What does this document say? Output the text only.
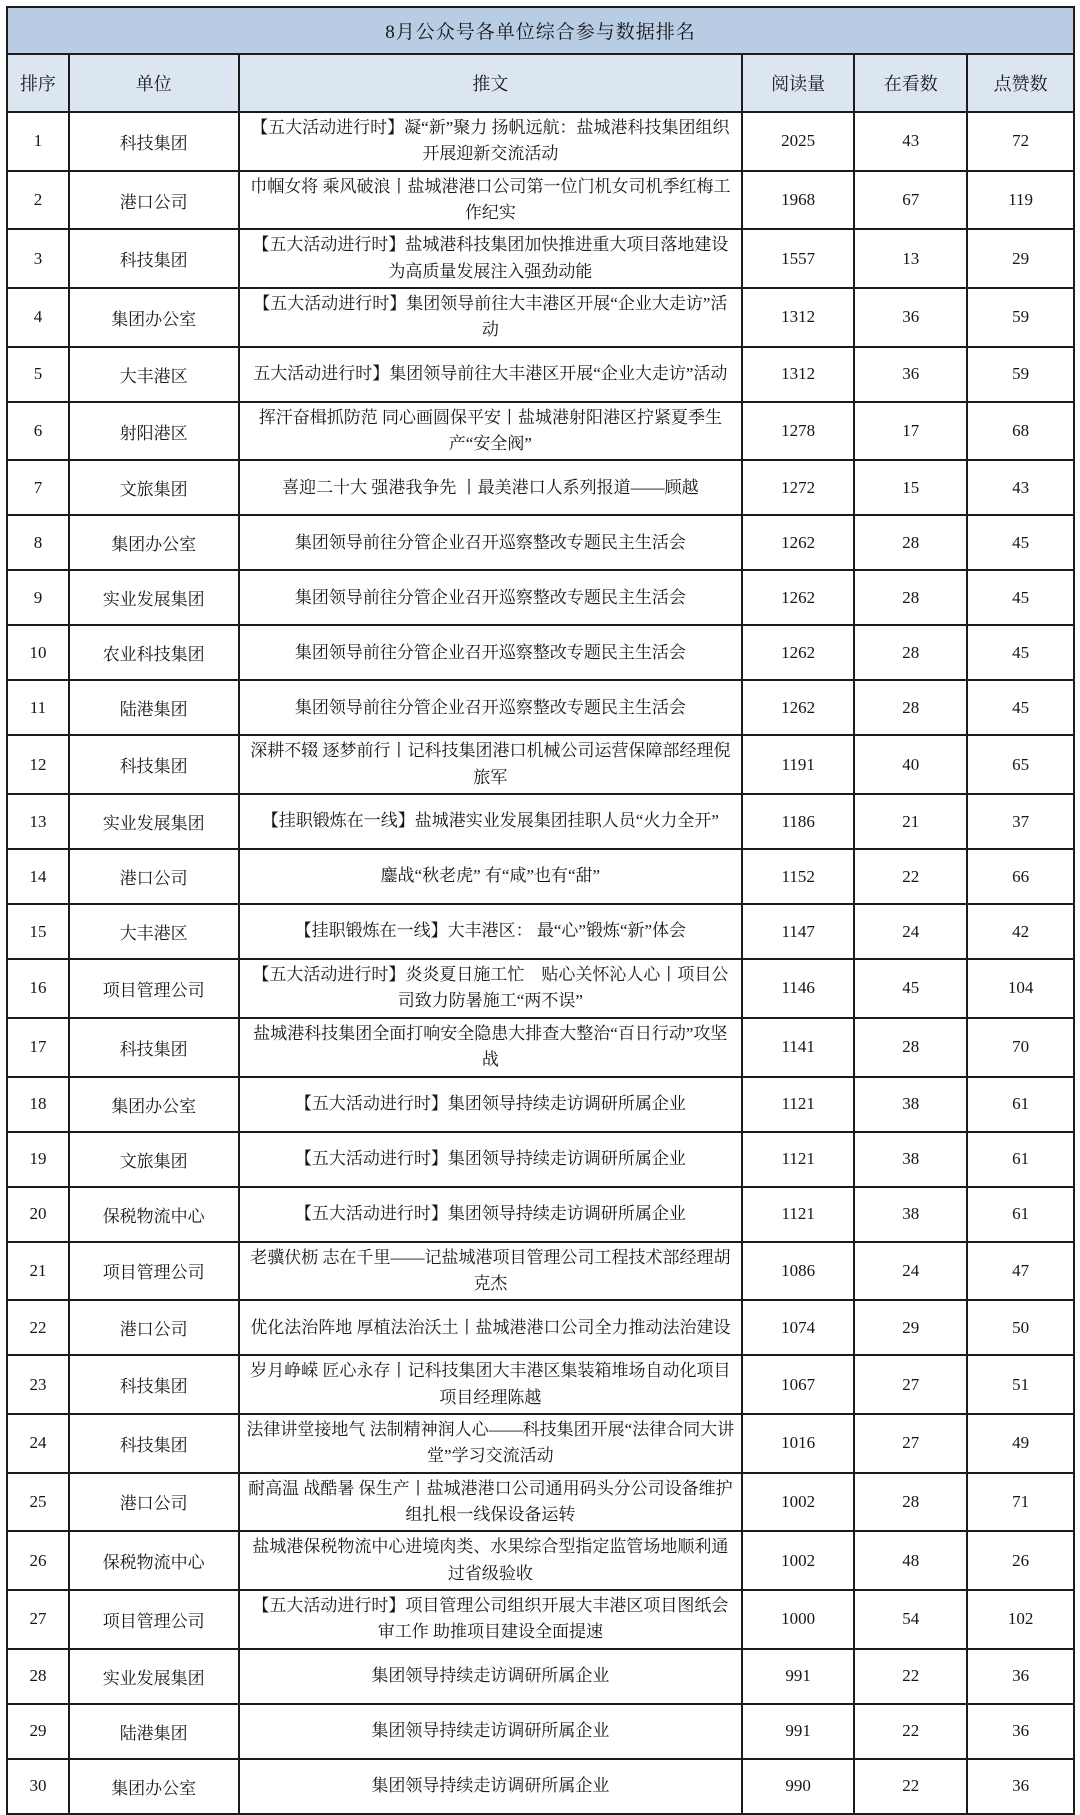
8月公众号各单位综合参与数据排名					
排序	单位	推文	阅读量	在看数	点赞数
1	科技集团	【五大活动进行时】凝“新”聚力 扬帆远航：盐城港科技集团组织开展迎新交流活动	2025	43	72
2	港口公司	巾帼女将 乘风破浪丨盐城港港口公司第一位门机女司机季红梅工作纪实	1968	67	119
3	科技集团	【五大活动进行时】盐城港科技集团加快推进重大项目落地建设为高质量发展注入强劲动能	1557	13	29
4	集团办公室	【五大活动进行时】集团领导前往大丰港区开展“企业大走访”活动	1312	36	59
5	大丰港区	五大活动进行时】集团领导前往大丰港区开展“企业大走访”活动	1312	36	59
6	射阳港区	挥汗奋楫抓防范 同心画圆保平安丨盐城港射阳港区拧紧夏季生产“安全阀”	1278	17	68
7	文旅集团	喜迎二十大 强港我争先 丨最美港口人系列报道——顾越	1272	15	43
8	集团办公室	集团领导前往分管企业召开巡察整改专题民主生活会	1262	28	45
9	实业发展集团	集团领导前往分管企业召开巡察整改专题民主生活会	1262	28	45
10	农业科技集团	集团领导前往分管企业召开巡察整改专题民主生活会	1262	28	45
11	陆港集团	集团领导前往分管企业召开巡察整改专题民主生活会	1262	28	45
12	科技集团	深耕不辍 逐梦前行丨记科技集团港口机械公司运营保障部经理倪旅军	1191	40	65
13	实业发展集团	【挂职锻炼在一线】盐城港实业发展集团挂职人员“火力全开”	1186	21	37
14	港口公司	鏖战“秋老虎” 有“咸”也有“甜”	1152	22	66
15	大丰港区	【挂职锻炼在一线】大丰港区： 最“心”锻炼“新”体会	1147	24	42
16	项目管理公司	【五大活动进行时】炎炎夏日施工忙　贴心关怀沁人心丨项目公司致力防暑施工“两不误”	1146	45	104
17	科技集团	盐城港科技集团全面打响安全隐患大排查大整治“百日行动”攻坚战	1141	28	70
18	集团办公室	【五大活动进行时】集团领导持续走访调研所属企业	1121	38	61
19	文旅集团	【五大活动进行时】集团领导持续走访调研所属企业	1121	38	61
20	保税物流中心	【五大活动进行时】集团领导持续走访调研所属企业	1121	38	61
21	项目管理公司	老骥伏枥 志在千里——记盐城港项目管理公司工程技术部经理胡克杰	1086	24	47
22	港口公司	优化法治阵地 厚植法治沃土丨盐城港港口公司全力推动法治建设	1074	29	50
23	科技集团	岁月峥嵘 匠心永存丨记科技集团大丰港区集装箱堆场自动化项目项目经理陈越	1067	27	51
24	科技集团	法律讲堂接地气 法制精神润人心——科技集团开展“法律合同大讲堂”学习交流活动	1016	27	49
25	港口公司	耐高温 战酷暑 保生产丨盐城港港口公司通用码头分公司设备维护组扎根一线保设备运转	1002	28	71
26	保税物流中心	盐城港保税物流中心进境肉类、水果综合型指定监管场地顺利通过省级验收	1002	48	26
27	项目管理公司	【五大活动进行时】项目管理公司组织开展大丰港区项目图纸会审工作 助推项目建设全面提速	1000	54	102
28	实业发展集团	集团领导持续走访调研所属企业	991	22	36
29	陆港集团	集团领导持续走访调研所属企业	991	22	36
30	集团办公室	集团领导持续走访调研所属企业	990	22	36
